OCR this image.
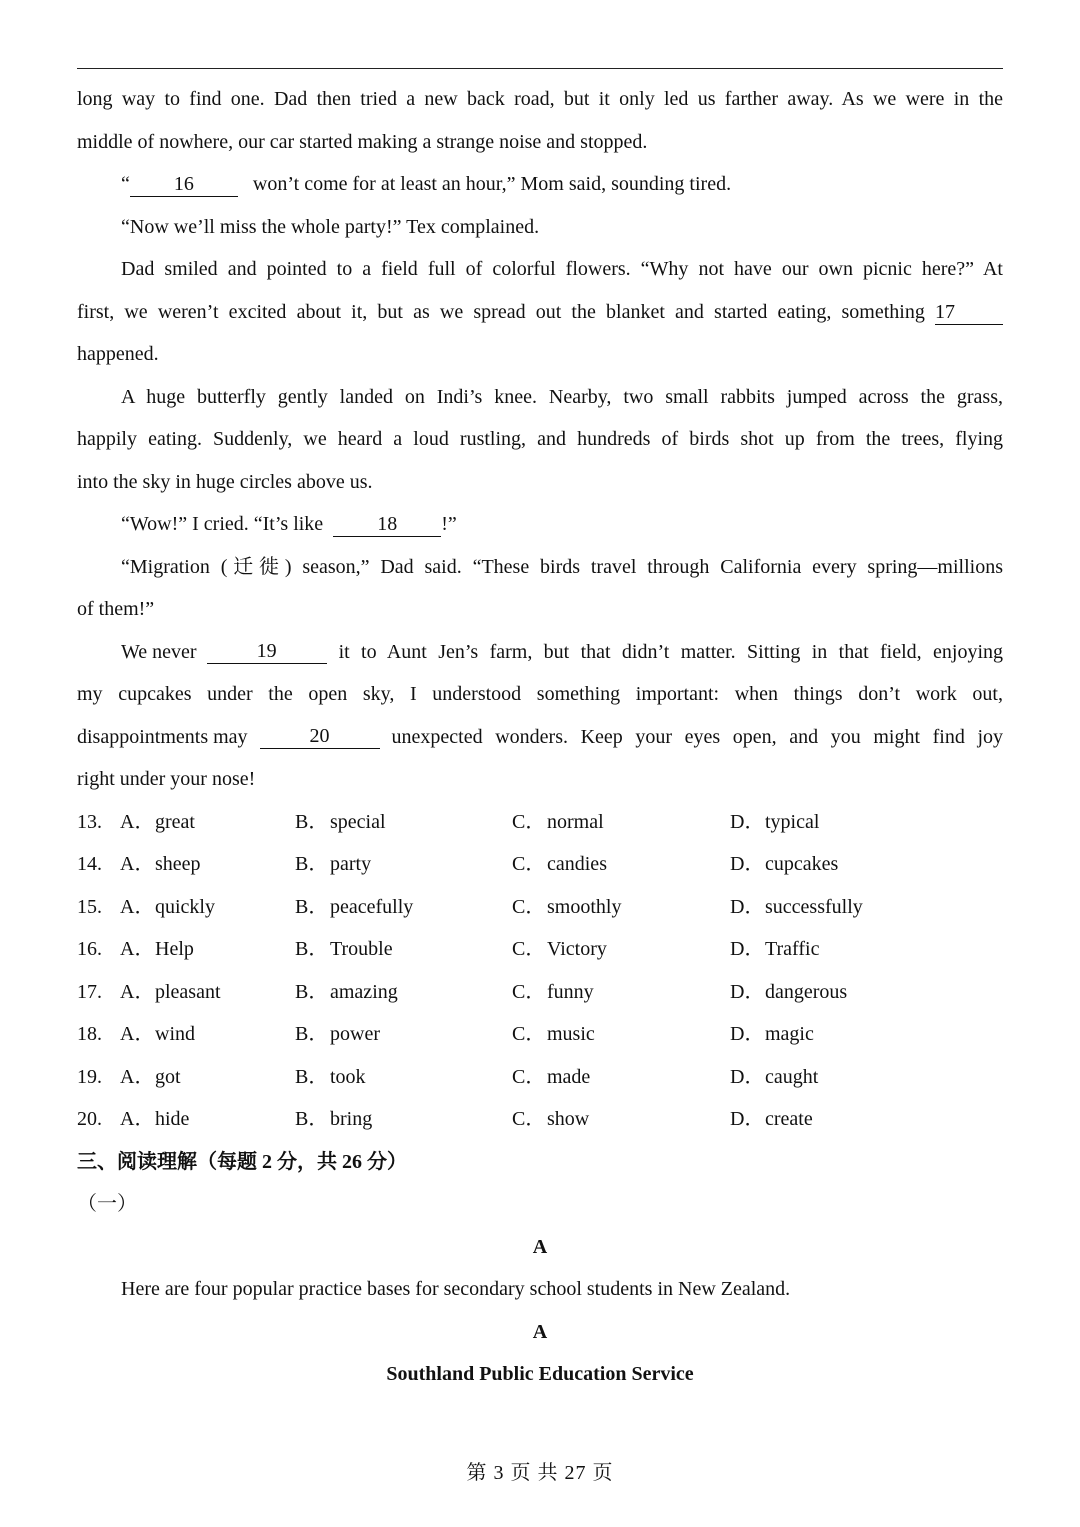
long way to find one. Dad then tried a new back road, but it only led us farther away. As we were in the
middle of nowhere, our car started making a strange noise and stopped.
“ 16	won’t come for at least an hour,” Mom said, sounding tired.
“Now we’ll miss the whole party!” Tex complained.
Dad smiled and pointed to a field full of colorful flowers. “Why not have our own picnic here?” At
first, we weren’t excited about it, but as we spread out the blanket and started eating, something 17
happened.
A huge butterfly gently landed on Indi’s knee. Nearby, two small rabbits jumped across the grass,
happily eating. Suddenly, we heard a loud rustling, and hundreds of birds shot up from the trees, flying
into the sky in huge circles above us.
“Wow!” I cried. “It’s like	18 !”
“Migration (迁徙) season,” Dad said. “These birds travel through California every spring—millions
of them!”
We never	19	it to Aunt Jen’s farm, but that didn’t matter. Sitting in that field, enjoying
my cupcakes under the open sky, I understood something important: when things don’t work out,
disappointments may	20	unexpected wonders. Keep your eyes open, and you might find joy
right under your nose!
13. A．great	B．special	C．normal	D．typical
14. A．sheep	B．party	C．candies	D．cupcakes
15. A．quickly	B．peacefully	C．smoothly	D．successfully
16. A．Help	B．Trouble	C．Victory	D．Traffic
17. A．pleasant	B．amazing	C．funny	D．dangerous
18. A．wind	B．power	C．music	D．magic
19. A．got	B．took	C．made	D．caught
20. A．hide	B．bring	C．show	D．create
三、阅读理解（每题 2 分，共 26 分）
（一）
A
Here are four popular practice bases for secondary school students in New Zealand.
A
Southland Public Education Service
第 3 页 共 27 页
